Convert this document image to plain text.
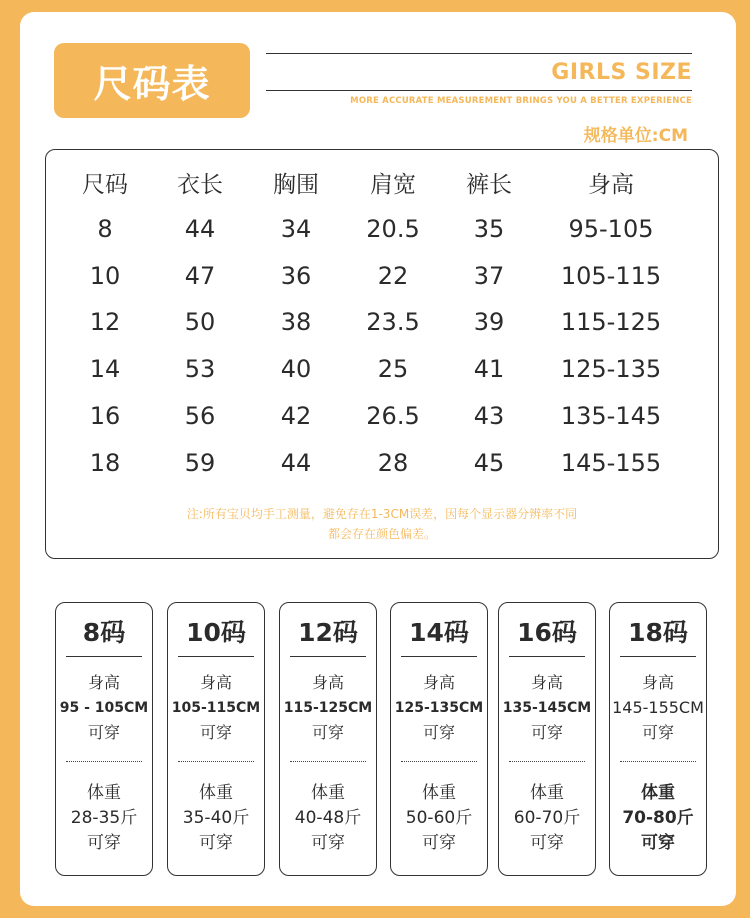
尺码表	GIRLS SIZE
MORE ACCURATE MEASUREMENT BRINGS YOU A BETTER EXPERIENCE
规格单位:CM
尺码	衣长	胸围	肩宽	裤长	身高
8	44	34	20.5	35	95-105
10	47	36	22	37	105-115
12	50	38	23.5	39	115-125
14	53	40	25	41	125-135
16	56	42	26.5	43	135-145
18	59	44	28	45	145-155
注:所有宝贝均手工测量，避免存在1-3CM误差，因每个显示器分辨率不同
都会存在颜色偏差。
8码
身高
95 - 105CM
可穿
体重
28-35斤
可穿
10码
身高
105-115CM
可穿
体重
35-40斤
可穿
12码
身高
115-125CM
可穿
体重
40-48斤
可穿
14码
身高
125-135CM
可穿
体重
50-60斤
可穿
16码
身高
135-145CM
可穿
体重
60-70斤
可穿
18码
身高
145-155CM
可穿
体重
70-80斤
可穿
